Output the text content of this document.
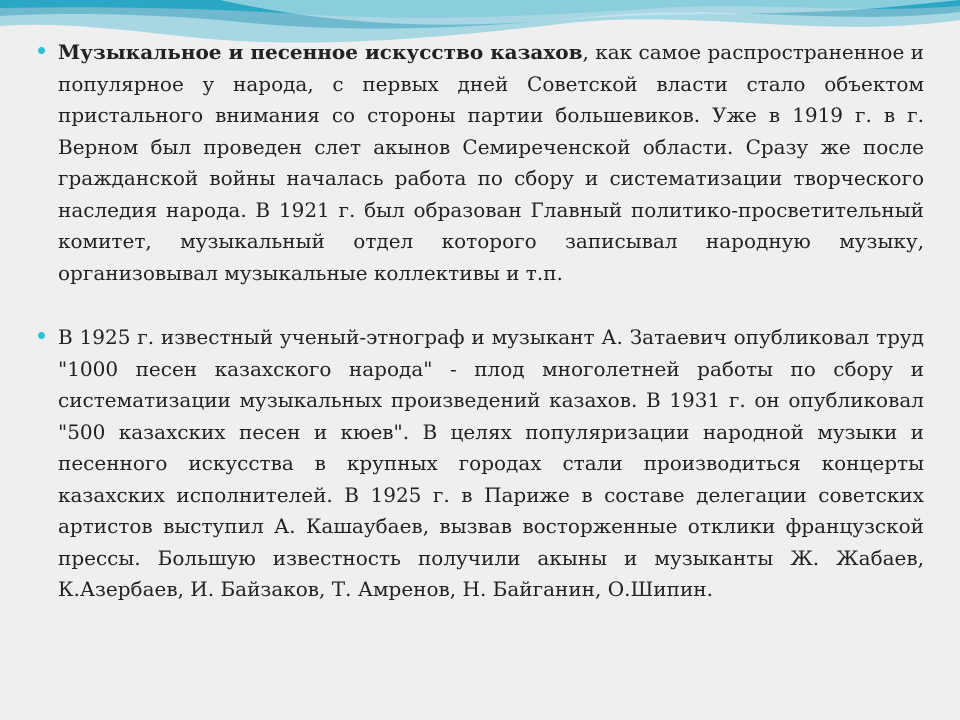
Музыкальное и песенное искусство казахов, как самое распространенное и популярное у народа, с первых дней Советской власти стало объектом пристального внимания со стороны партии большевиков. Уже в 1919 г. в г. Верном был проведен слет акынов Семиреченской области. Сразу же после гражданской войны началась работа по сбору и систематизации творческого наследия народа. В 1921 г. был образован Главный политико-просветительный комитет, музыкальный отдел которого записывал народную музыку, организовывал музыкальные коллективы и т.п.
В 1925 г. известный ученый-этнограф и музыкант А. Затаевич опубликовал труд "1000 песен казахского народа" - плод многолетней работы по сбору и систематизации музыкальных произведений казахов. В 1931 г. он опубликовал "500 казахских песен и кюев". В целях популяризации народной музыки и песенного искусства в крупных городах стали производиться концерты казахских исполнителей. В 1925 г. в Париже в составе делегации советских артистов выступил А. Кашаубаев, вызвав восторженные отклики французской прессы. Большую известность получили акыны и музыканты Ж. Жабаев, К.Азербаев, И. Байзаков, Т. Амренов, Н. Байганин, О.Шипин.
